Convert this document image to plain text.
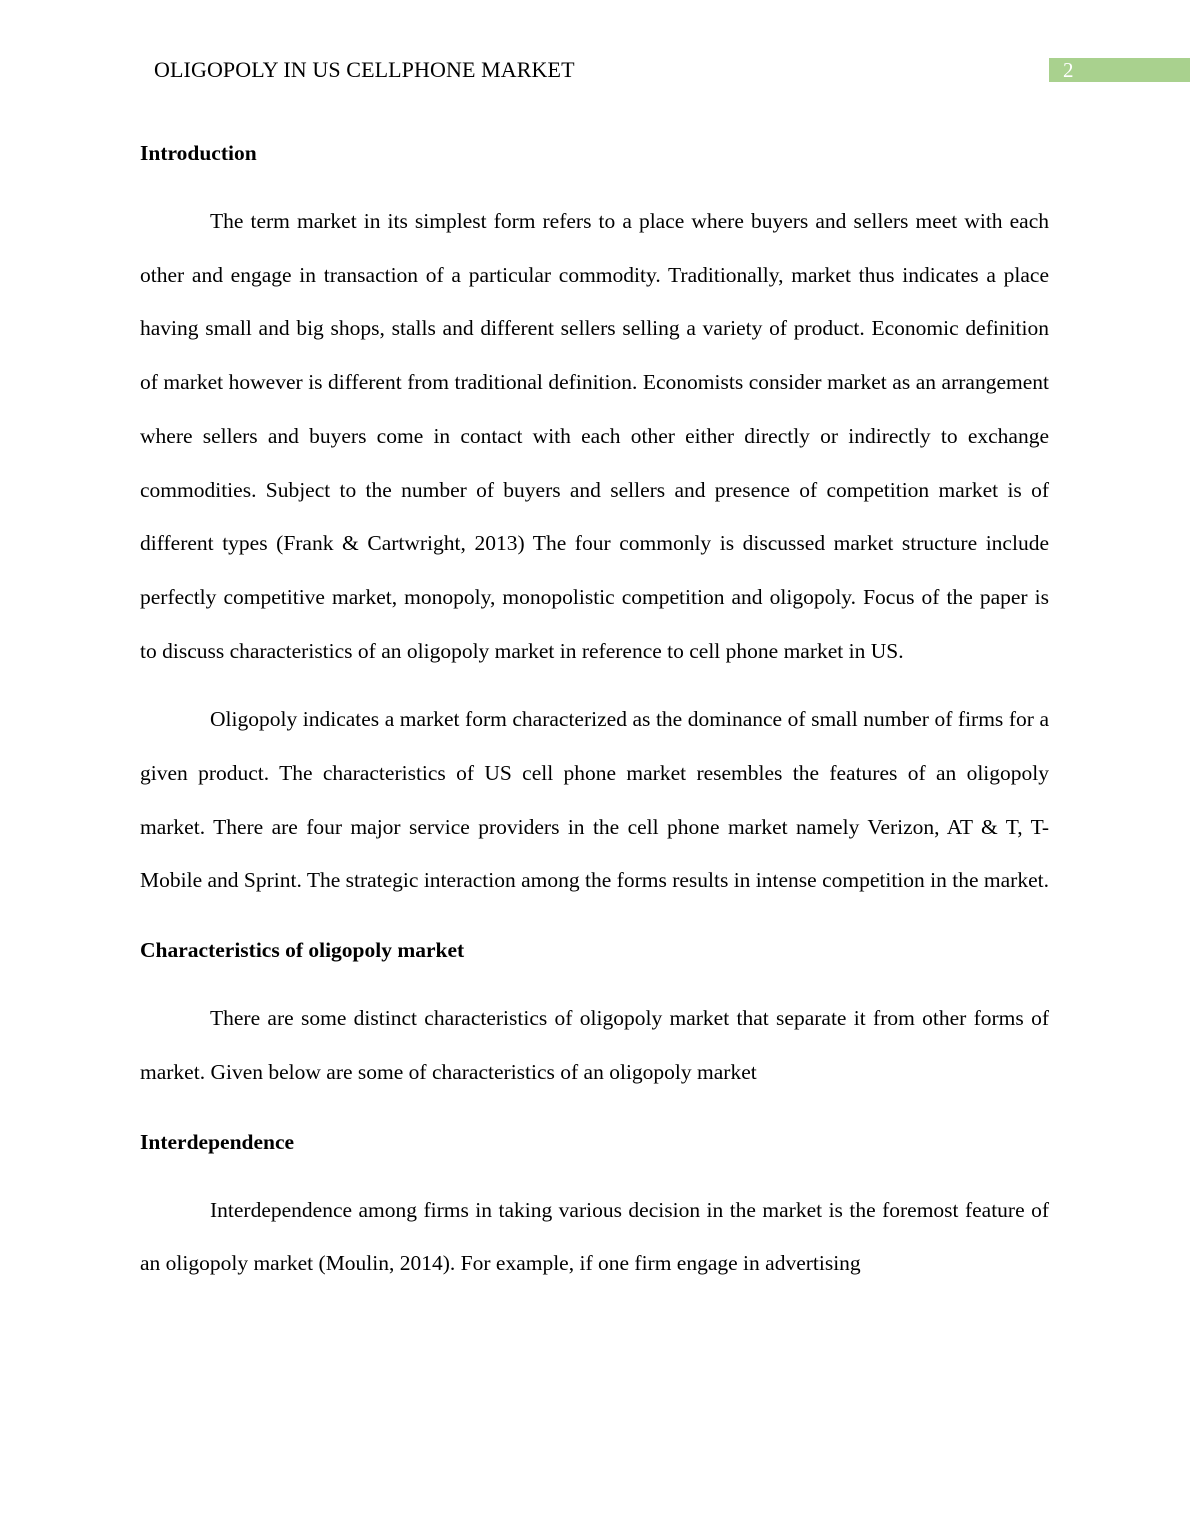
OLIGOPOLY IN US CELLPHONE MARKET	2
Introduction

The term market in its simplest form refers to a place where buyers and sellers meet with each other and engage in transaction of a particular commodity. Traditionally, market thus indicates a place having small and big shops, stalls and different sellers selling a variety of product. Economic definition of market however is different from traditional definition. Economists consider market as an arrangement where sellers and buyers come in contact with each other either directly or indirectly to exchange commodities. Subject to the number of buyers and sellers and presence of competition market is of different types (Frank & Cartwright, 2013) The four commonly is discussed market structure include perfectly competitive market, monopoly, monopolistic competition and oligopoly. Focus of the paper is to discuss characteristics of an oligopoly market in reference to cell phone market in US.

Oligopoly indicates a market form characterized as the dominance of small number of firms for a given product. The characteristics of US cell phone market resembles the features of an oligopoly market. There are four major service providers in the cell phone market namely Verizon, AT & T, T-Mobile and Sprint. The strategic interaction among the forms results in intense competition in the market.

Characteristics of oligopoly market

There are some distinct characteristics of oligopoly market that separate it from other forms of market. Given below are some of characteristics of an oligopoly market

Interdependence

Interdependence among firms in taking various decision in the market is the foremost feature of an oligopoly market (Moulin, 2014). For example, if one firm engage in advertising
